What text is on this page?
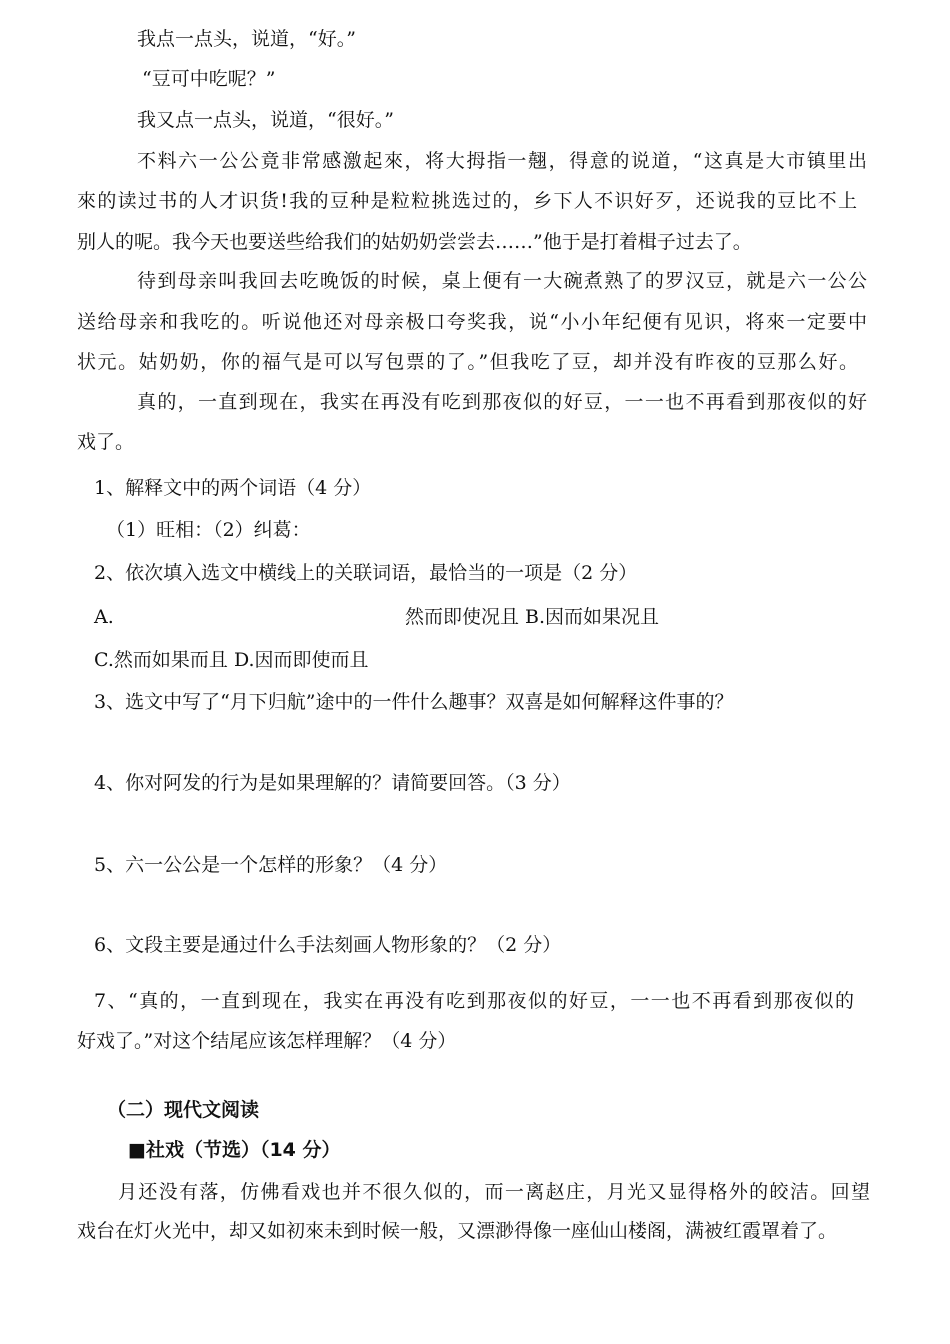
我点一点头，说道，“好。”

“豆可中吃呢？”

我又点一点头，说道，“很好。”

不料六一公公竟非常感激起來，将大拇指一翹，得意的说道，“这真是大市镇里出

來的读过书的人才识货!我的豆种是粒粒挑选过的，乡下人不识好歹，还说我的豆比不上

别人的呢。我今天也要送些给我们的姑奶奶尝尝去……”他于是打着楫子过去了。

待到母亲叫我回去吃晚饭的时候，桌上便有一大碗煮熟了的罗汉豆，就是六一公公

送给母亲和我吃的。听说他还对母亲极口夸奖我，说“小小年纪便有见识，将來一定要中

状元。姑奶奶，你的福气是可以写包票的了。”但我吃了豆，却并没有昨夜的豆那么好。

真的，一直到现在，我实在再没有吃到那夜似的好豆，一一也不再看到那夜似的好

戏了。

1、解释文中的两个词语（4 分）

（1）旺相：（2）纠葛：

2、依次填入选文中横线上的关联词语，最恰当的一项是（2 分）

A.	然而即使况且 B.因而如果况且

C.然而如果而且 D.因而即使而且

3、选文中写了“月下归航”途中的一件什么趣事？双喜是如何解释这件事的？

4、你对阿发的行为是如果理解的？请简要回答。（3 分）

5、六一公公是一个怎样的形象？（4 分）

6、文段主要是通过什么手法刻画人物形象的？（2 分）

7、“真的，一直到现在，我实在再没有吃到那夜似的好豆，一一也不再看到那夜似的

好戏了。”对这个结尾应该怎样理解？（4 分）

（二）现代文阅读

■社戏（节选）（14 分）

月还没有落，仿佛看戏也并不很久似的，而一离赵庄，月光又显得格外的皎洁。回望

戏台在灯火光中，却又如初來未到时候一般，又漂渺得像一座仙山楼阁，满被红霞罩着了。
